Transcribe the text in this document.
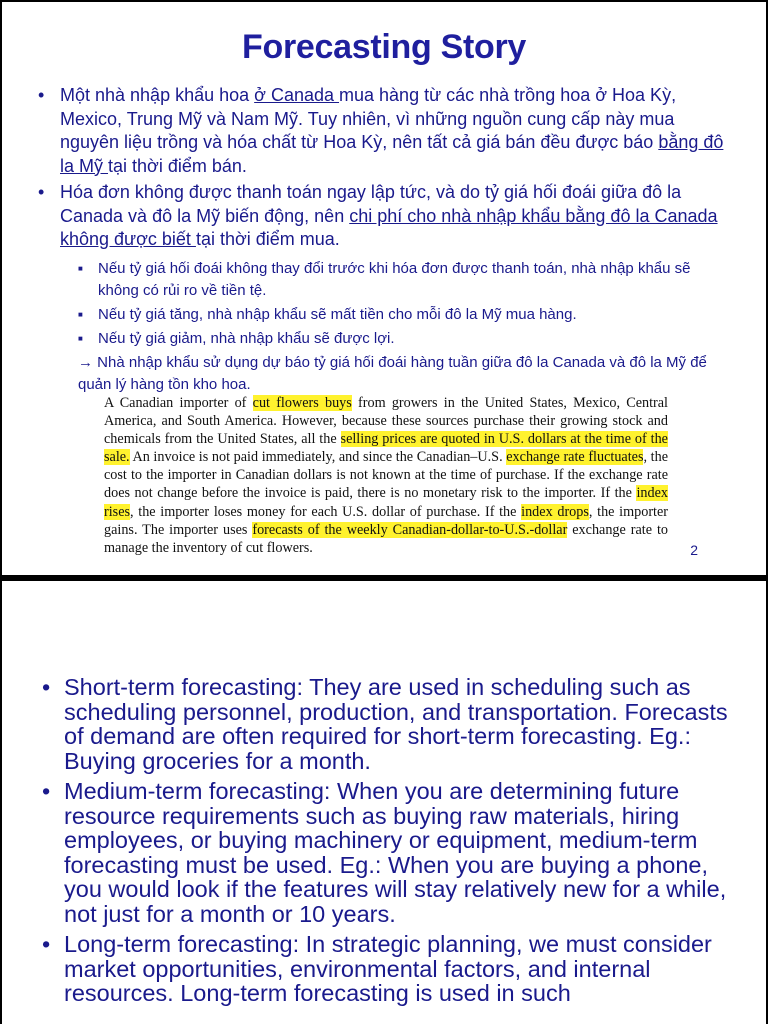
Forecasting Story
• Một nhà nhập khẩu hoa ở Canada mua hàng từ các nhà trồng hoa ở Hoa Kỳ, Mexico, Trung Mỹ và Nam Mỹ. Tuy nhiên, vì những nguồn cung cấp này mua nguyên liệu trồng và hóa chất từ Hoa Kỳ, nên tất cả giá bán đều được báo bằng đô la Mỹ tại thời điểm bán.
• Hóa đơn không được thanh toán ngay lập tức, và do tỷ giá hối đoái giữa đô la Canada và đô la Mỹ biến động, nên chi phí cho nhà nhập khẩu bằng đô la Canada không được biết tại thời điểm mua.
■ Nếu tỷ giá hối đoái không thay đổi trước khi hóa đơn được thanh toán, nhà nhập khẩu sẽ không có rủi ro về tiền tệ.
■ Nếu tỷ giá tăng, nhà nhập khẩu sẽ mất tiền cho mỗi đô la Mỹ mua hàng.
■ Nếu tỷ giá giảm, nhà nhập khẩu sẽ được lợi.
→ Nhà nhập khẩu sử dụng dự báo tỷ giá hối đoái hàng tuần giữa đô la Canada và đô la Mỹ để quản lý hàng tồn kho hoa.
A Canadian importer of cut flowers buys from growers in the United States, Mexico, Central America, and South America. However, because these sources purchase their growing stock and chemicals from the United States, all the selling prices are quoted in U.S. dollars at the time of the sale. An invoice is not paid immediately, and since the Canadian–U.S. exchange rate fluctuates, the cost to the importer in Canadian dollars is not known at the time of purchase. If the exchange rate does not change before the invoice is paid, there is no monetary risk to the importer. If the index rises, the importer loses money for each U.S. dollar of purchase. If the index drops, the importer gains. The importer uses forecasts of the weekly Canadian-dollar-to-U.S.-dollar exchange rate to manage the inventory of cut flowers.	2
• Short-term forecasting: They are used in scheduling such as scheduling personnel, production, and transportation. Forecasts of demand are often required for short-term forecasting. Eg.: Buying groceries for a month.
• Medium-term forecasting: When you are determining future resource requirements such as buying raw materials, hiring employees, or buying machinery or equipment, medium-term forecasting must be used. Eg.: When you are buying a phone, you would look if the features will stay relatively new for a while, not just for a month or 10 years.
• Long-term forecasting: In strategic planning, we must consider market opportunities, environmental factors, and internal resources. Long-term forecasting is used in such
